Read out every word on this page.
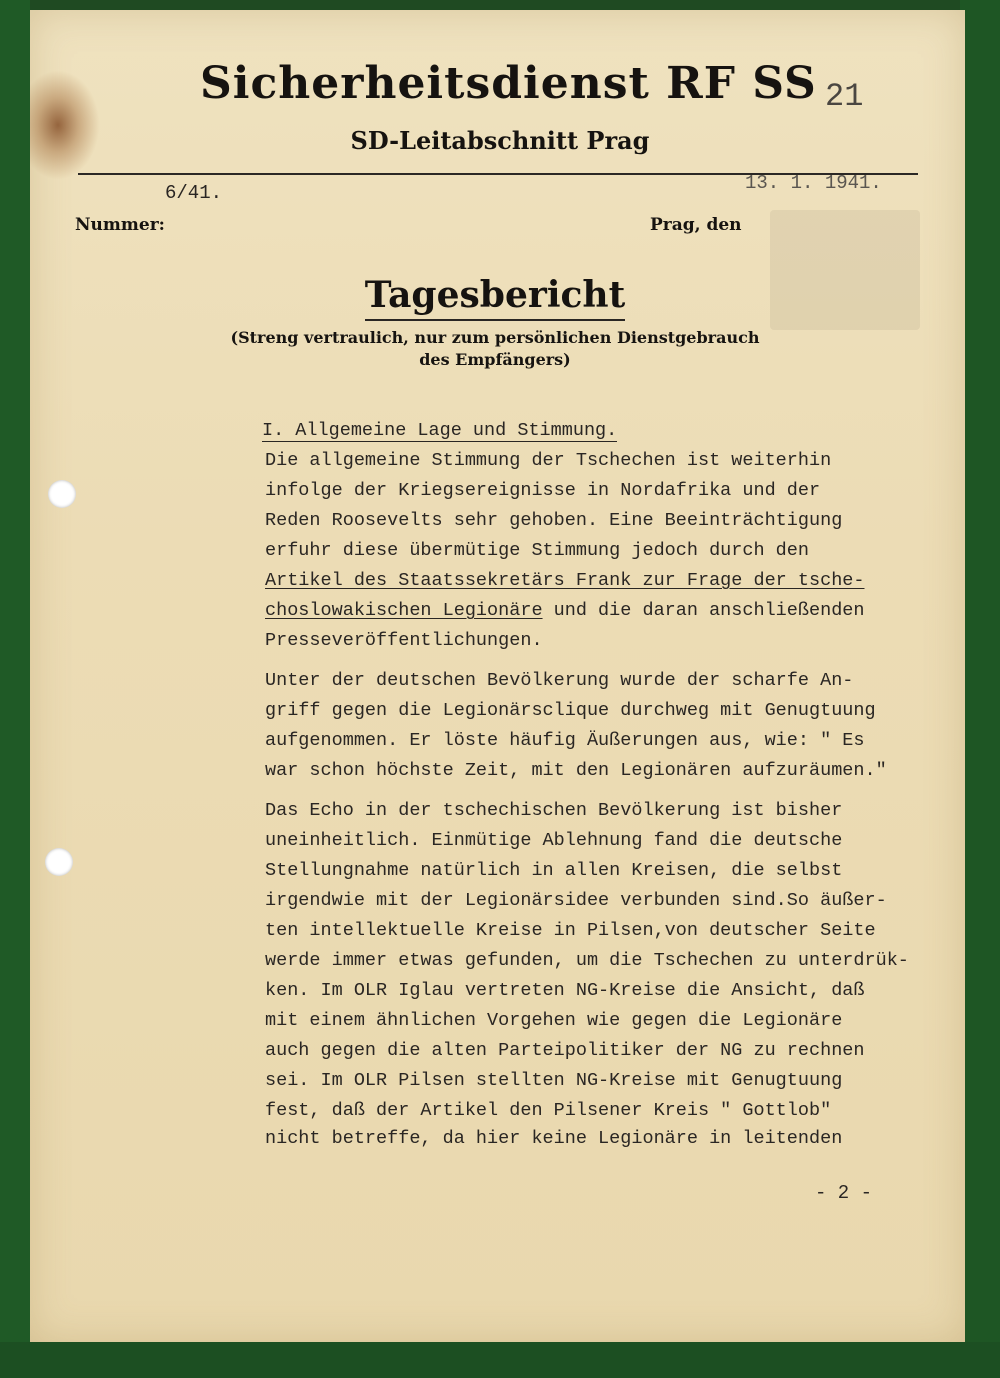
Sicherheitsdienst RF SS
SD-Leitabschnitt Prag
21
6/41.	13. 1. 1941.
Nummer:	Prag, den
Tagesbericht
(Streng vertraulich, nur zum persönlichen Dienstgebrauch
des Empfängers)
I. Allgemeine Lage und Stimmung.
Die allgemeine Stimmung der Tschechen ist weiterhin
infolge der Kriegsereignisse in Nordafrika und der
Reden Roosevelts sehr gehoben. Eine Beeinträchtigung
erfuhr diese übermütige Stimmung jedoch durch den
Artikel des Staatssekretärs Frank zur Frage der tsche-
choslowakischen Legionäre und die daran anschließenden
Presseveröffentlichungen.
Unter der deutschen Bevölkerung wurde der scharfe An-
griff gegen die Legionärsclique durchweg mit Genugtuung
aufgenommen. Er löste häufig Äußerungen aus, wie: " Es
war schon höchste Zeit, mit den Legionären aufzuräumen."
Das Echo in der tschechischen Bevölkerung ist bisher
uneinheitlich. Einmütige Ablehnung fand die deutsche
Stellungnahme natürlich in allen Kreisen, die selbst
irgendwie mit der Legionärsidee verbunden sind.So äußer-
ten intellektuelle Kreise in Pilsen,von deutscher Seite
werde immer etwas gefunden, um die Tschechen zu unterdrük-
ken. Im OLR Iglau vertreten NG-Kreise die Ansicht, daß
mit einem ähnlichen Vorgehen wie gegen die Legionäre
auch gegen die alten Parteipolitiker der NG zu rechnen
sei. Im OLR Pilsen stellten NG-Kreise mit Genugtuung
fest, daß der Artikel den Pilsener Kreis " Gottlob"
nicht betreffe, da hier keine Legionäre in leitenden
- 2 -
